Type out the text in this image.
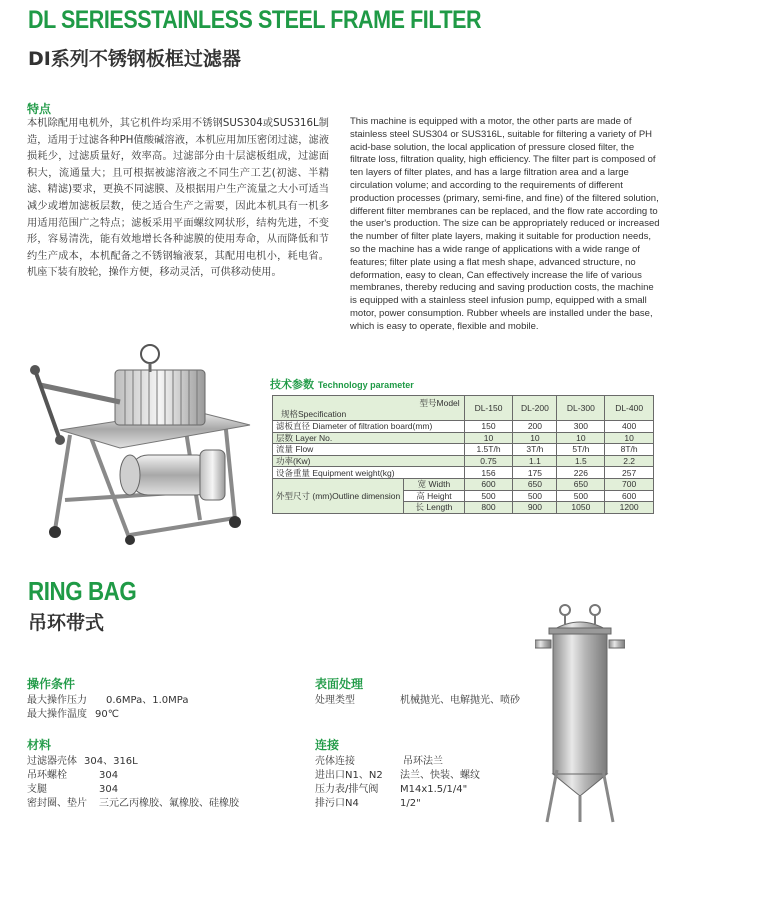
DL SERIESSTAINLESS STEEL FRAME FILTER
DI系列不锈钢板框过滤器
特点
本机除配用电机外，其它机件均采用不锈钢SUS304或SUS316L制造，适用于过滤各种PH值酸碱溶液，本机应用加压密闭过滤，滤液损耗少，过滤质量好，效率高。过滤部分由十层滤板组成，过滤面积大，流通量大；且可根据被滤溶液之不同生产工艺(初滤、半精滤、精滤)要求，更换不同滤膜、及根据用户生产流量之大小可适当减少或增加滤板层数，使之适合生产之需要，因此本机具有一机多用适用范围广之特点；滤板采用平面螺纹网状形，结构先进，不变形，容易清洗，能有效地增长各种滤膜的使用寿命，从而降低和节约生产成本，本机配备之不锈钢输液泵，其配用电机小，耗电省。机座下装有胶轮，操作方便，移动灵活，可供移动使用。
This machine is equipped with a motor, the other parts are made of stainless steel SUS304 or SUS316L, suitable for filtering a variety of PH acid-base solution, the local application of pressure closed filter, the filtrate loss, filtration quality, high efficiency. The filter part is composed of ten layers of filter plates, and has a large filtration area and a large circulation volume; and according to the requirements of different production processes (primary, semi-fine, and fine) of the filtered solution, different filter membranes can be replaced, and the flow rate according to the user's production. The size can be appropriately reduced or increased the number of filter plate layers, making it suitable for production needs, so the machine has a wide range of applications with a wide range of features; filter plate using a flat mesh shape, advanced structure, no deformation, easy to clean, Can effectively increase the life of various membranes, thereby reducing and saving production costs, the machine is equipped with a stainless steel infusion pump, equipped with a small motor, power consumption. Rubber wheels are installed under the base, which is easy to operate, flexible and mobile.
技术参数 Technology parameter
型号Model
规格Specification		DL-150	DL-200	DL-300	DL-400
滤板直径 Diameter of filtration board(mm)		150	200	300	400
层数 Layer No.		10	10	10	10
流量 Flow		1.5T/h	3T/h	5T/h	8T/h
功率(Kw)		0.75	1.1	1.5	2.2
设备重量 Equipment weight(kg)		156	175	226	257
外型尺寸 (mm)Outline dimension	宽 Width	600	650	650	700
	高 Height	500	500	500	600
	长 Length	800	900	1050	1200
RING BAG
吊环带式
操作条件
最大操作压力 0.6MPa、1.0MPa
最大操作温度 90℃
材料
过滤器壳体 304、316L
吊环螺栓	304
支腿	304
密封圈、垫片 三元乙丙橡胶、氟橡胶、硅橡胶
表面处理
处理类型	机械抛光、电解抛光、喷砂
连接
壳体连接	吊环法兰
进出口N1、N2 法兰、快装、螺纹
压力表/排气阀 M14x1.5/1/4"
排污口N4	1/2"
